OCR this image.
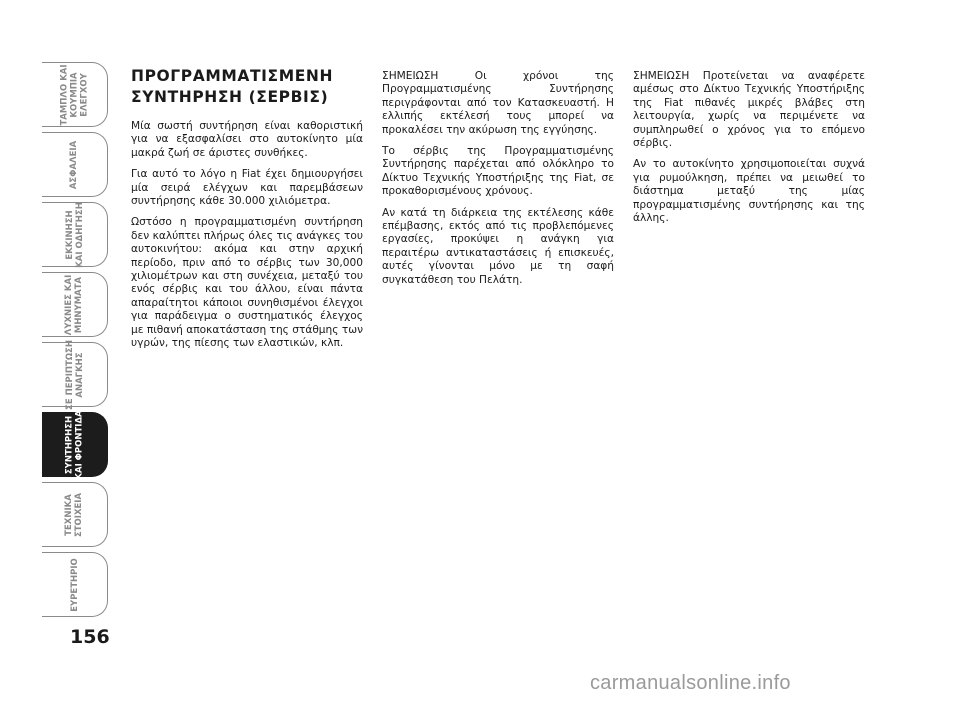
ΤΑΜΠΛΟ ΚΑΙ
ΚΟΥΜΠΙΑ
ΕΛΕΓΧΟΥ
ΑΣΦΑΛΕΙΑ
ΕΚΚΙΝΗΣΗ
ΚΑΙ ΟΔΗΓΗΣΗ
ΛΥΧΝΙΕΣ ΚΑΙ
ΜΗΝΥΜΑΤΑ
ΣΕ ΠΕΡΙΠΤΩΣΗ
ΑΝΑΓΚΗΣ
ΣΥΝΤΗΡΗΣΗ
ΚΑΙ ΦΡΟΝΤΙΔΑ
ΤΕΧΝΙΚΑ
ΣΤΟΙΧΕΙΑ
ΕΥΡΕΤΗΡΙΟ
156
ΠΡΟΓΡΑΜΜΑΤΙΣΜΕΝΗ ΣΥΝΤΗΡΗΣΗ (ΣΕΡΒΙΣ)

Μία σωστή συντήρηση είναι καθοριστική για να εξασφαλίσει στο αυτοκίνητο μία μακρά ζωή σε άριστες συνθήκες.

Για αυτό το λόγο η Fiat έχει δημιουργήσει μία σειρά ελέγχων και παρεμβάσεων συντήρησης κάθε 30.000 χιλιόμετρα.

Ωστόσο η προγραμματισμένη συντήρηση δεν καλύπτει πλήρως όλες τις ανάγκες του αυτοκινήτου: ακόμα και στην αρχική περίοδο, πριν από το σέρβις των 30,000 χιλιομέτρων και στη συνέχεια, μεταξύ του ενός σέρβις και του άλλου, είναι πάντα απαραίτητοι κάποιοι συνηθισμένοι έλεγχοι για παράδειγμα ο συστηματικός έλεγχος με πιθανή αποκατάσταση της στάθμης των υγρών, της πίεσης των ελαστικών, κλπ.

ΣΗΜΕΙΩΣΗ Οι χρόνοι της Προγραμματισμένης Συντήρησης περιγράφονται από τον Κατασκευαστή. Η ελλιπής εκτέλεσή τους μπορεί να προκαλέσει την ακύρωση της εγγύησης.

Το σέρβις της Προγραμματισμένης Συντήρησης παρέχεται από ολόκληρο το Δίκτυο Τεχνικής Υποστήριξης της Fiat, σε προκαθορισμένους χρόνους.

Αν κατά τη διάρκεια της εκτέλεσης κάθε επέμβασης, εκτός από τις προβλεπόμενες εργασίες, προκύψει η ανάγκη για περαιτέρω αντικαταστάσεις ή επισκευές, αυτές γίνονται μόνο με τη σαφή συγκατάθεση του Πελάτη.

ΣΗΜΕΙΩΣΗ Προτείνεται να αναφέρετε αμέσως στο Δίκτυο Τεχνικής Υποστήριξης της Fiat πιθανές μικρές βλάβες στη λειτουργία, χωρίς να περιμένετε να συμπληρωθεί ο χρόνος για το επόμενο σέρβις.

Αν το αυτοκίνητο χρησιμοποιείται συχνά για ρυμούλκηση, πρέπει να μειωθεί το διάστημα μεταξύ της μίας προγραμματισμένης συντήρησης και της άλλης.

carmanualsonline.info
